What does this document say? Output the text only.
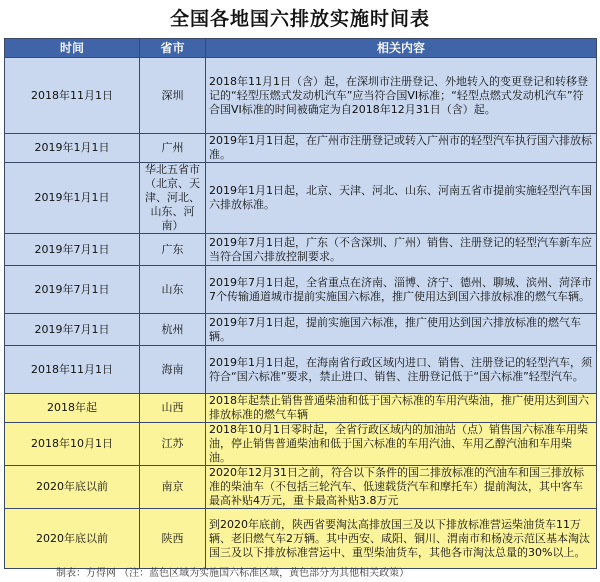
全国各地国六排放实施时间表
时间	省市	相关内容
2018年11月1日	深圳	2018年11月1日（含）起，在深圳市注册登记、外地转入的变更登记和转移登记的“轻型压燃式发动机汽车”应当符合国VI标准；“轻型点燃式发动机汽车”符合国VI标准的时间被确定为自2018年12月31日（含）起。
2019年1月1日	广州	2019年1月1日起，在广州市注册登记或转入广州市的轻型汽车执行国六排放标准。
2019年1月1日	华北五省市（北京、天津、河北、山东、河南）	2019年1月1日起，北京、天津、河北、山东、河南五省市提前实施轻型汽车国六排放标准。
2019年7月1日	广东	2019年7月1日起，广东（不含深圳、广州）销售、注册登记的轻型汽车新车应当符合国六排放控制要求。
2019年7月1日	山东	2019年7月1日起，全省重点在济南、淄博、济宁、德州、聊城、滨州、菏泽市7个传输通道城市提前实施国六标准，推广使用达到国六排放标准的燃气车辆。
2019年7月1日	杭州	2019年7月1日起，提前实施国六标准，推广使用达到国六排放标准的燃气车辆。
2018年11月1日	海南	2019年1月1日起，在海南省行政区域内进口、销售、注册登记的轻型汽车，须符合“国六标准”要求，禁止进口、销售、注册登记低于“国六标准”轻型汽车。
2018年起	山西	2018年起禁止销售普通柴油和低于国六标准的车用汽柴油，推广使用达到国六排放标准的燃气车辆
2018年10月1日	江苏	2018年10月1日零时起，全省行政区域内的加油站（点）销售国六标准车用柴油，停止销售普通柴油和低于国六标准的车用汽油、车用乙醇汽油和车用柴油。
2020年底以前	南京	2020年12月31日之前，符合以下条件的国二排放标准的汽油车和国三排放标准的柴油车（不包括三轮汽车、低速载货汽车和摩托车）提前淘汰，其中客车最高补贴4万元，重卡最高补贴3.8万元
2020年底以前	陕西	到2020年底前，陕西省要淘汰高排放国三及以下排放标准营运柴油货车11万辆、老旧燃气车2万辆。其中西安、咸阳、铜川、渭南市和杨凌示范区基本淘汰国三及以下排放标准营运中、重型柴油货车，其他各市淘汰总量的30%以上。
制表：方得网 （注：蓝色区域为实施国六标准区域，黄色部分为其他相关政策）
